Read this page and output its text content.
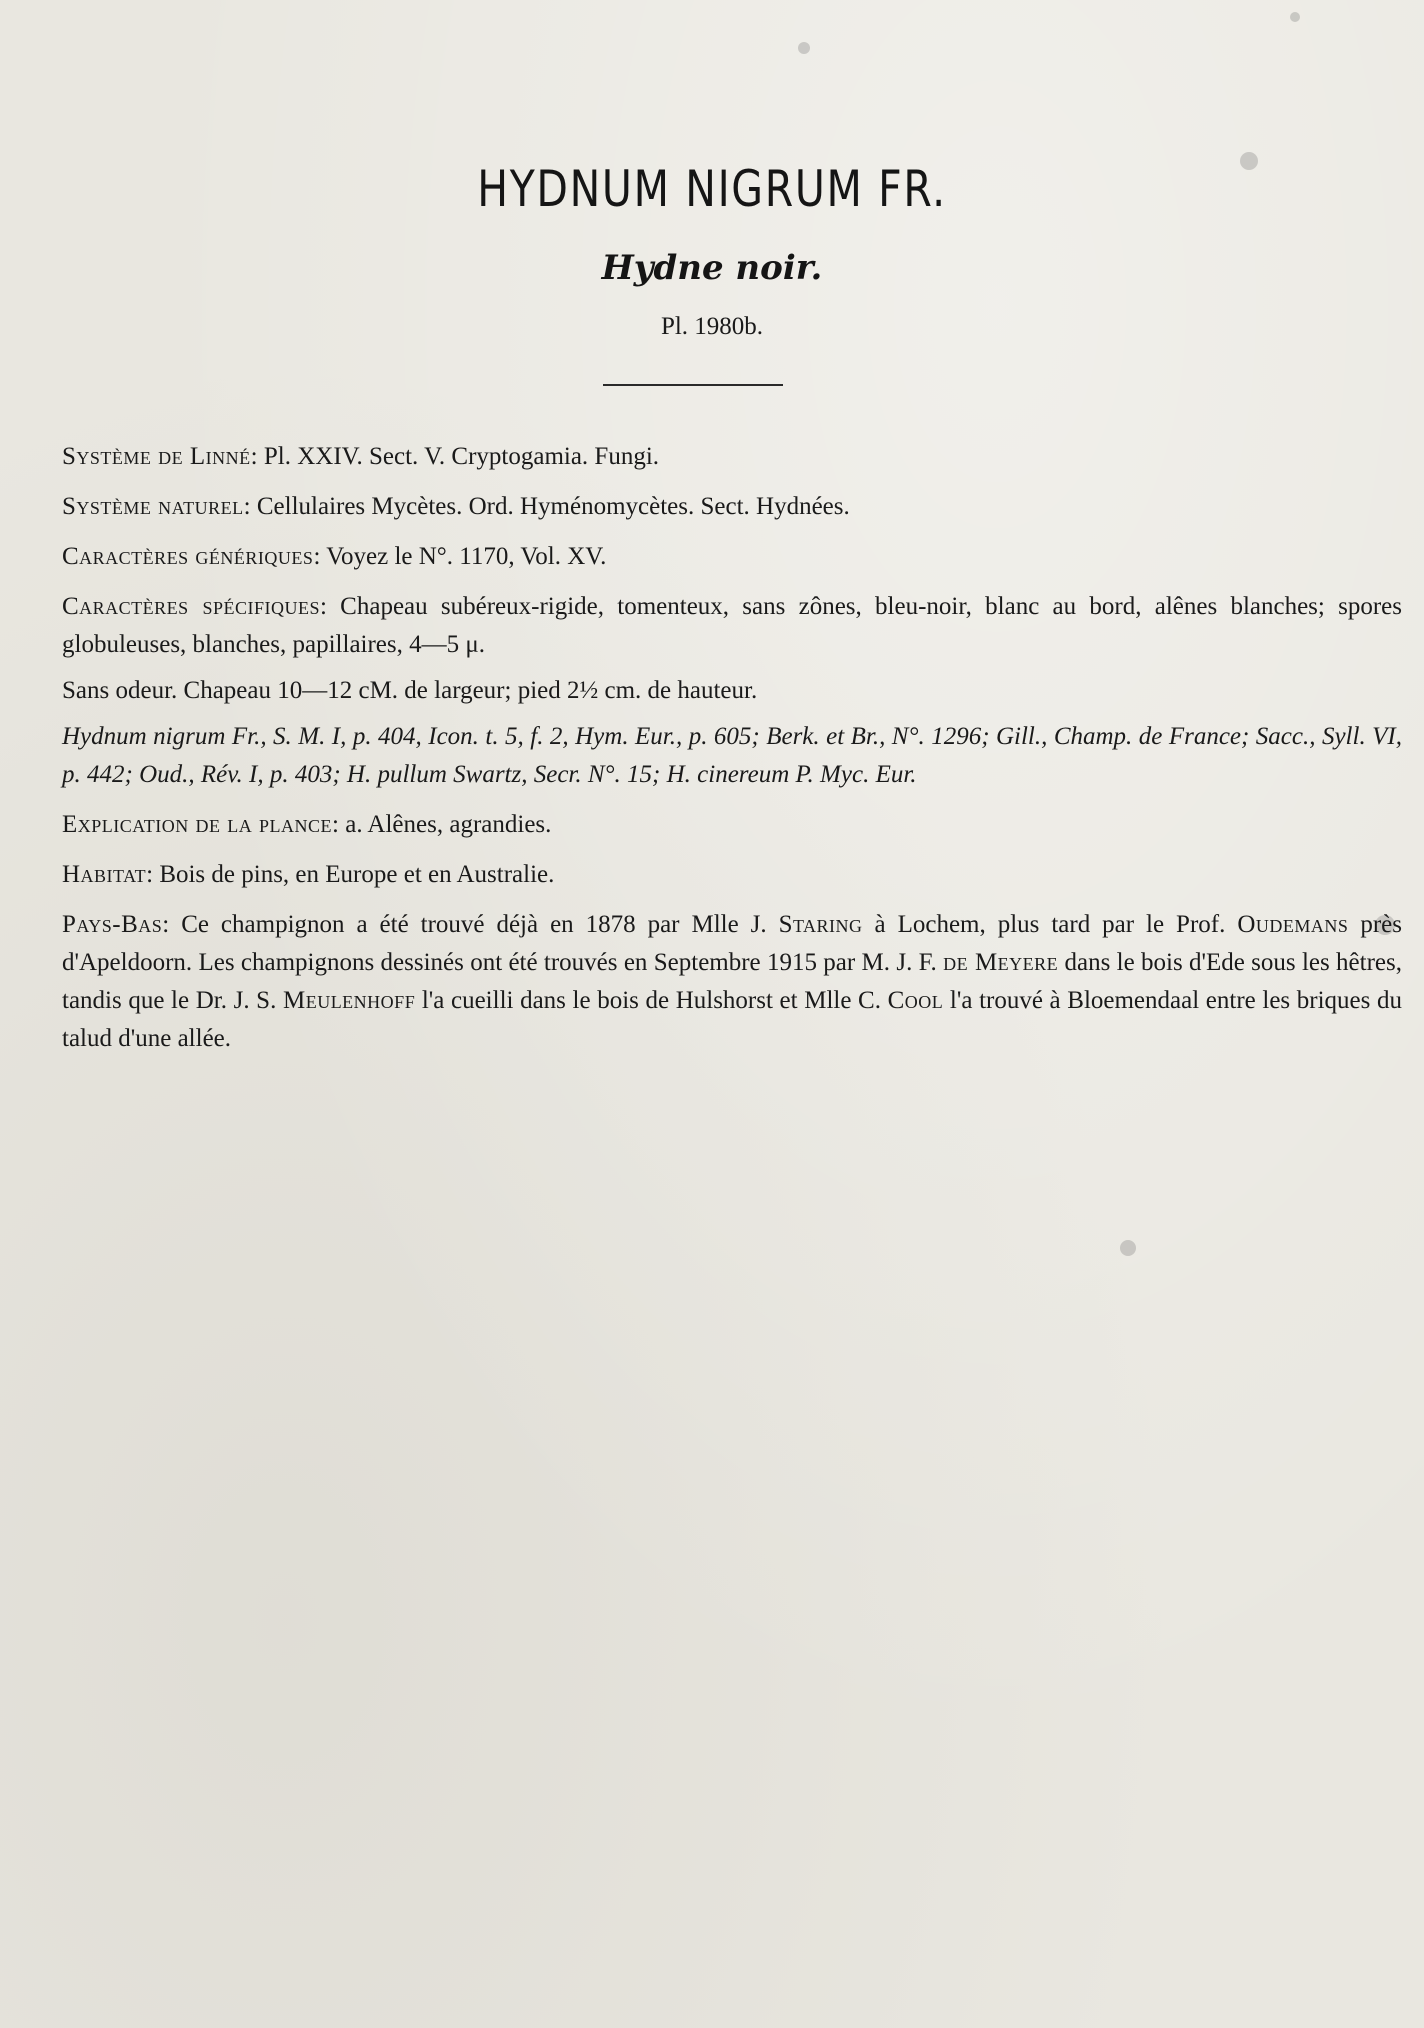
HYDNUM NIGRUM FR.
Hydne noir.
Pl. 1980b.

Système de Linné: Pl. XXIV. Sect. V. Cryptogamia. Fungi.

Système naturel: Cellulaires Mycètes. Ord. Hyménomycètes. Sect. Hydnées.

Caractères génériques: Voyez le N°. 1170, Vol. XV.

Caractères spécifiques: Chapeau subéreux-rigide, tomenteux, sans zônes, bleu-noir, blanc au bord, alênes blanches; spores globuleuses, blanches, papillaires, 4—5 μ.

Sans odeur. Chapeau 10—12 cM. de largeur; pied 2½ cm. de hauteur.

Hydnum nigrum Fr., S. M. I, p. 404, Icon. t. 5, f. 2, Hym. Eur., p. 605; Berk. et Br., N°. 1296; Gill., Champ. de France; Sacc., Syll. VI, p. 442; Oud., Rév. I, p. 403; H. pullum Swartz, Secr. N°. 15; H. cinereum P. Myc. Eur.

Explication de la plance: a. Alênes, agrandies.

Habitat: Bois de pins, en Europe et en Australie.

Pays-Bas: Ce champignon a été trouvé déjà en 1878 par Mlle J. Staring à Lochem, plus tard par le Prof. Oudemans près d'Apeldoorn. Les champignons dessinés ont été trouvés en Septembre 1915 par M. J. F. de Meyere dans le bois d'Ede sous les hêtres, tandis que le Dr. J. S. Meulenhoff l'a cueilli dans le bois de Hulshorst et Mlle C. Cool l'a trouvé à Bloemendaal entre les briques du talud d'une allée.
